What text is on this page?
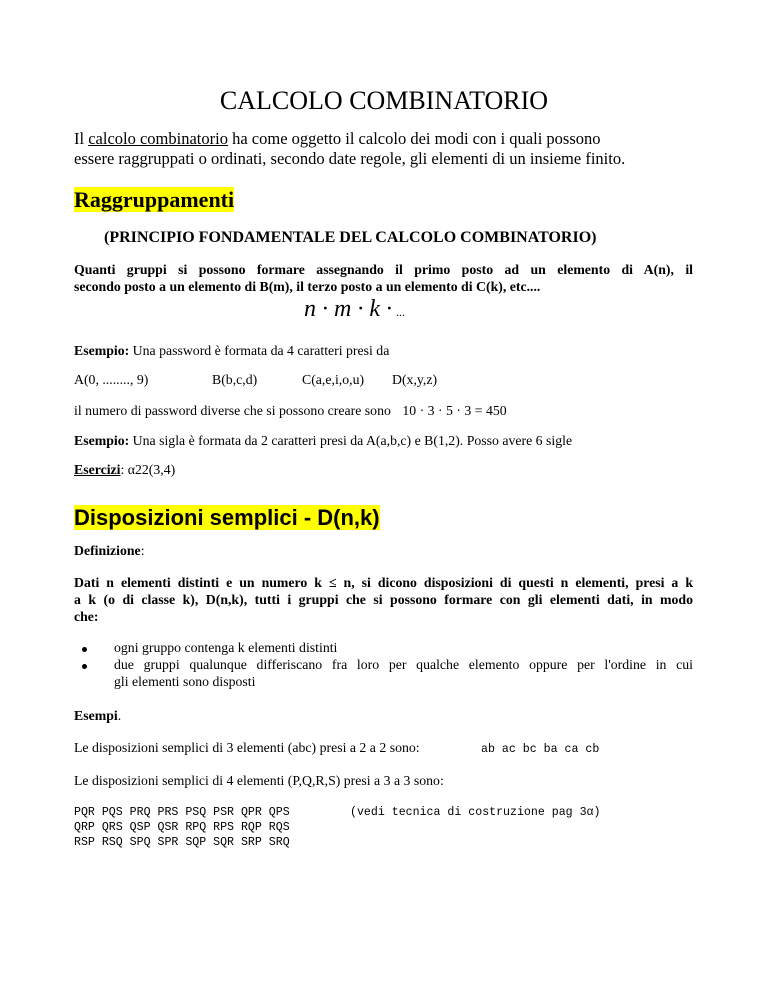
CALCOLO COMBINATORIO
Il calcolo combinatorio ha come oggetto il calcolo dei modi con i quali possono
essere raggruppati o ordinati, secondo date regole, gli elementi di un insieme finito.
Raggruppamenti
(PRINCIPIO FONDAMENTALE DEL CALCOLO COMBINATORIO)
Quanti gruppi si possono formare assegnando il primo posto ad un elemento di A(n), il
secondo posto a un elemento di B(m), il terzo posto a un elemento di C(k), etc....
n · m · k · ...
Esempio: Una password è formata da 4 caratteri presi da
A(0, ........, 9)	B(b,c,d)	C(a,e,i,o,u) D(x,y,z)
il numero di password diverse che si possono creare sono 10 · 3 · 5 · 3 = 450
Esempio: Una sigla è formata da 2 caratteri presi da A(a,b,c) e B(1,2). Posso avere 6 sigle
Esercizi: α22(3,4)
Disposizioni semplici - D(n,k)
Definizione:
Dati n elementi distinti e un numero k ≤ n, si dicono disposizioni di questi n elementi, presi a k
a k (o di classe k), D(n,k), tutti i gruppi che si possono formare con gli elementi dati, in modo
che:
ogni gruppo contenga k elementi distinti
due gruppi qualunque differiscano fra loro per qualche elemento oppure per l'ordine in cui
gli elementi sono disposti
Esempi.
Le disposizioni semplici di 3 elementi (abc) presi a 2 a 2 sono:	ab ac bc ba ca cb
Le disposizioni semplici di 4 elementi (P,Q,R,S) presi a 3 a 3 sono:
PQR PQS PRQ PRS PSQ PSR QPR QPS
QRP QRS QSP QSR RPQ RPS RQP RQS
RSP RSQ SPQ SPR SQP SQR SRP SRQ
(vedi tecnica di costruzione pag 3α)
